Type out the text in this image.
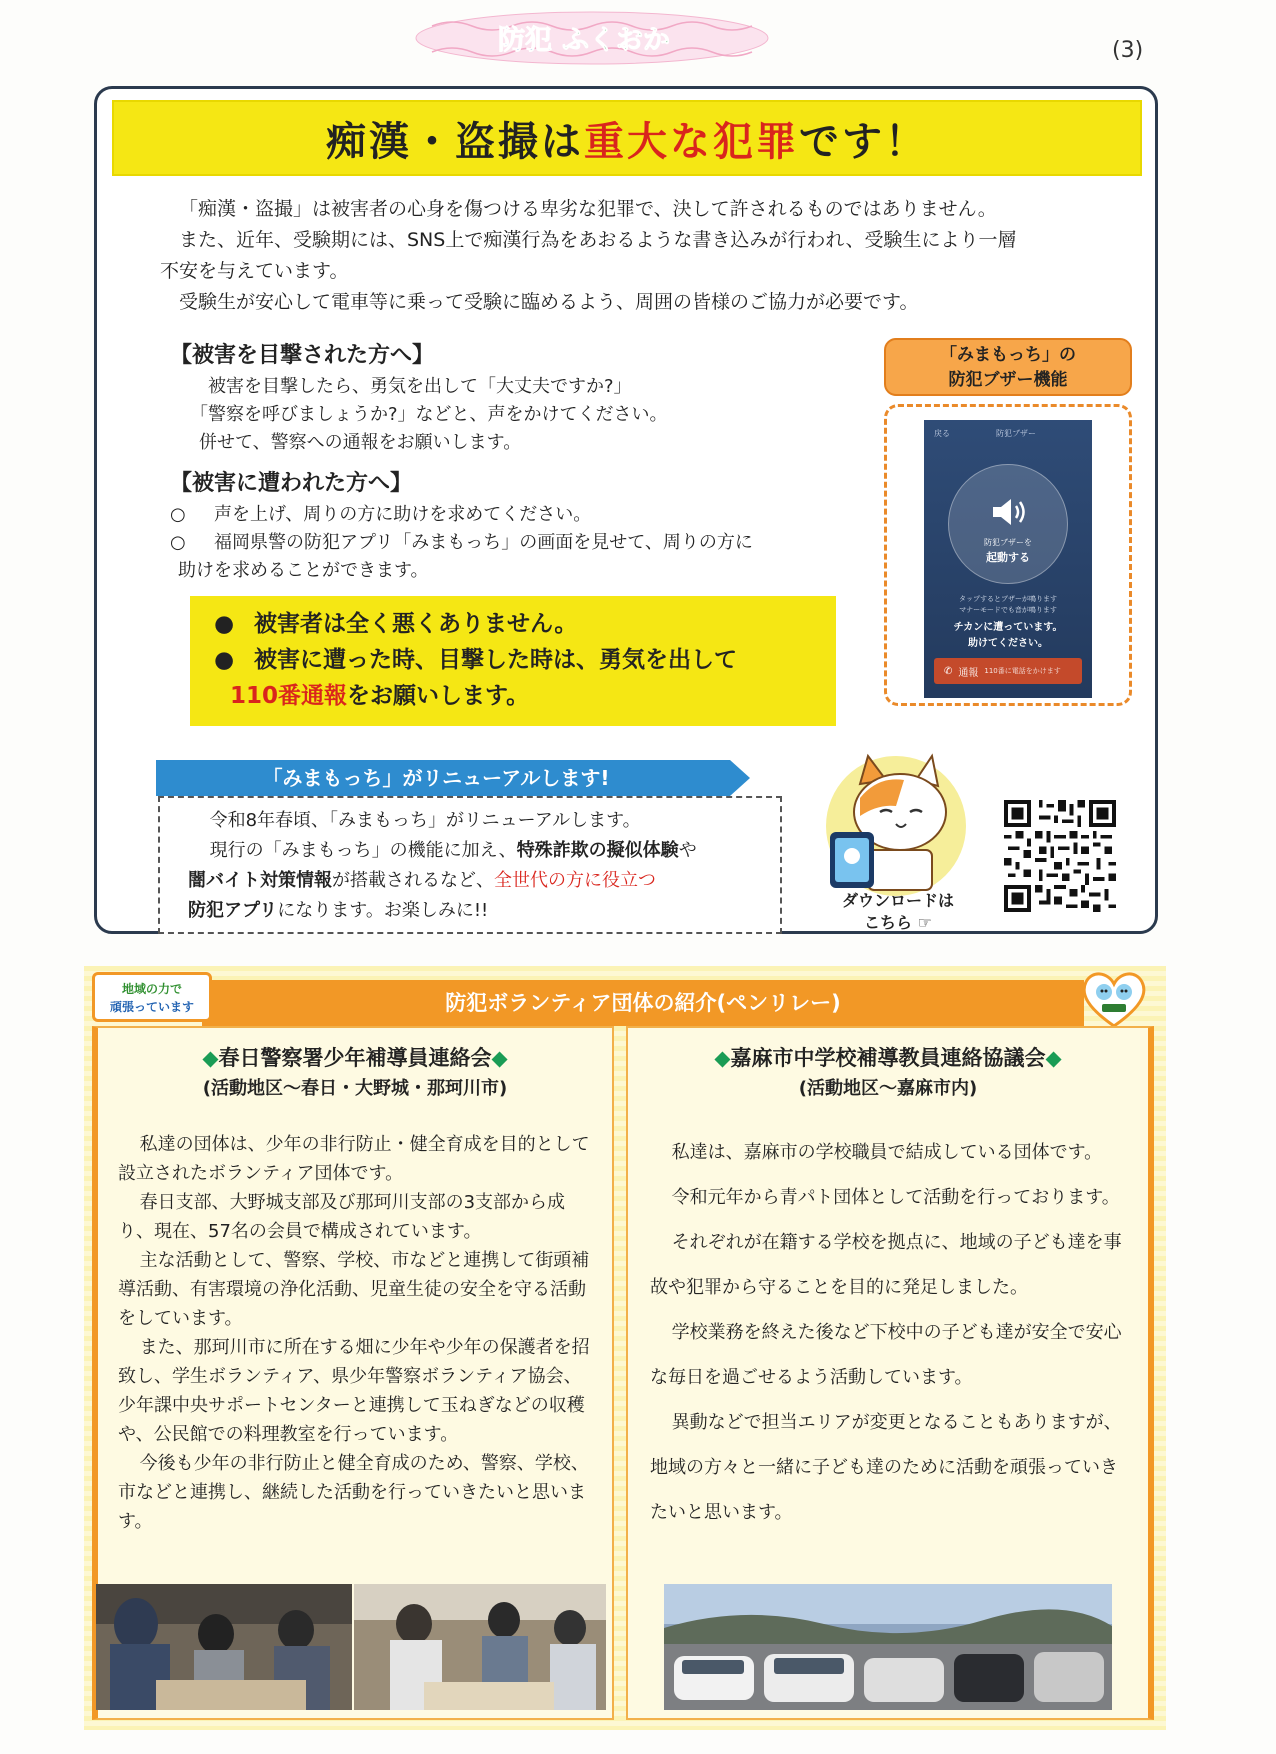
防犯 ふくおか	(3)
痴漢・盗撮は重大な犯罪です！

「痴漢・盗撮」は被害者の心身を傷つける卑劣な犯罪で、決して許されるものではありません。

また、近年、受験期には、SNS上で痴漢行為をあおるような書き込みが行われ、受験生により一層

不安を与えています。

受験生が安心して電車等に乗って受験に臨めるよう、周囲の皆様のご協力が必要です。

【被害を目撃された方へ】
被害を目撃したら、勇気を出して「大丈夫ですか?」
「警察を呼びましょうか?」などと、声をかけてください。
併せて、警察への通報をお願いします。
【被害に遭われた方へ】
○	声を上げ、周りの方に助けを求めてください。
○	福岡県警の防犯アプリ「みまもっち」の画面を見せて、周りの方に
助けを求めることができます。
● 被害者は全く悪くありません。
● 被害に遭った時、目撃した時は、勇気を出して
110番通報 をお願いします。
「みまもっち」の
防犯ブザー機能
戻る	防犯ブザー
防犯ブザーを
起動する
タップするとブザーが鳴ります
マナーモードでも音が鳴ります
チカンに遭っています。
助けてください。
✆ 通報 110番に電話をかけます
「みまもっち」がリニューアルします!

令和8年春頃、「みまもっち」がリニューアルします。

現行の「みまもっち」の機能に加え、特殊詐欺の擬似体験や

闇バイト対策情報が搭載されるなど、全世代の方に役立つ

防犯アプリになります。お楽しみに!!	ダウンロードは
こちら ☞
防犯ボランティア団体の紹介(ペンリレー)
地域の力で
頑張っています
◆春日警察署少年補導員連絡会◆
(活動地区～春日・大野城・那珂川市)

私達の団体は、少年の非行防止・健全育成を目的として設立されたボランティア団体です。

春日支部、大野城支部及び那珂川支部の3支部から成り、現在、57名の会員で構成されています。

主な活動として、警察、学校、市などと連携して街頭補導活動、有害環境の浄化活動、児童生徒の安全を守る活動をしています。

また、那珂川市に所在する畑に少年や少年の保護者を招致し、学生ボランティア、県少年警察ボランティア協会、少年課中央サポートセンターと連携して玉ねぎなどの収穫や、公民館での料理教室を行っています。

今後も少年の非行防止と健全育成のため、警察、学校、市などと連携し、継続した活動を行っていきたいと思います。

◆嘉麻市中学校補導教員連絡協議会◆
(活動地区～嘉麻市内)

私達は、嘉麻市の学校職員で結成している団体です。

令和元年から青パト団体として活動を行っております。

それぞれが在籍する学校を拠点に、地域の子ども達を事故や犯罪から守ることを目的に発足しました。

学校業務を終えた後など下校中の子ども達が安全で安心な毎日を過ごせるよう活動しています。

異動などで担当エリアが変更となることもありますが、地域の方々と一緒に子ども達のために活動を頑張っていきたいと思います。
